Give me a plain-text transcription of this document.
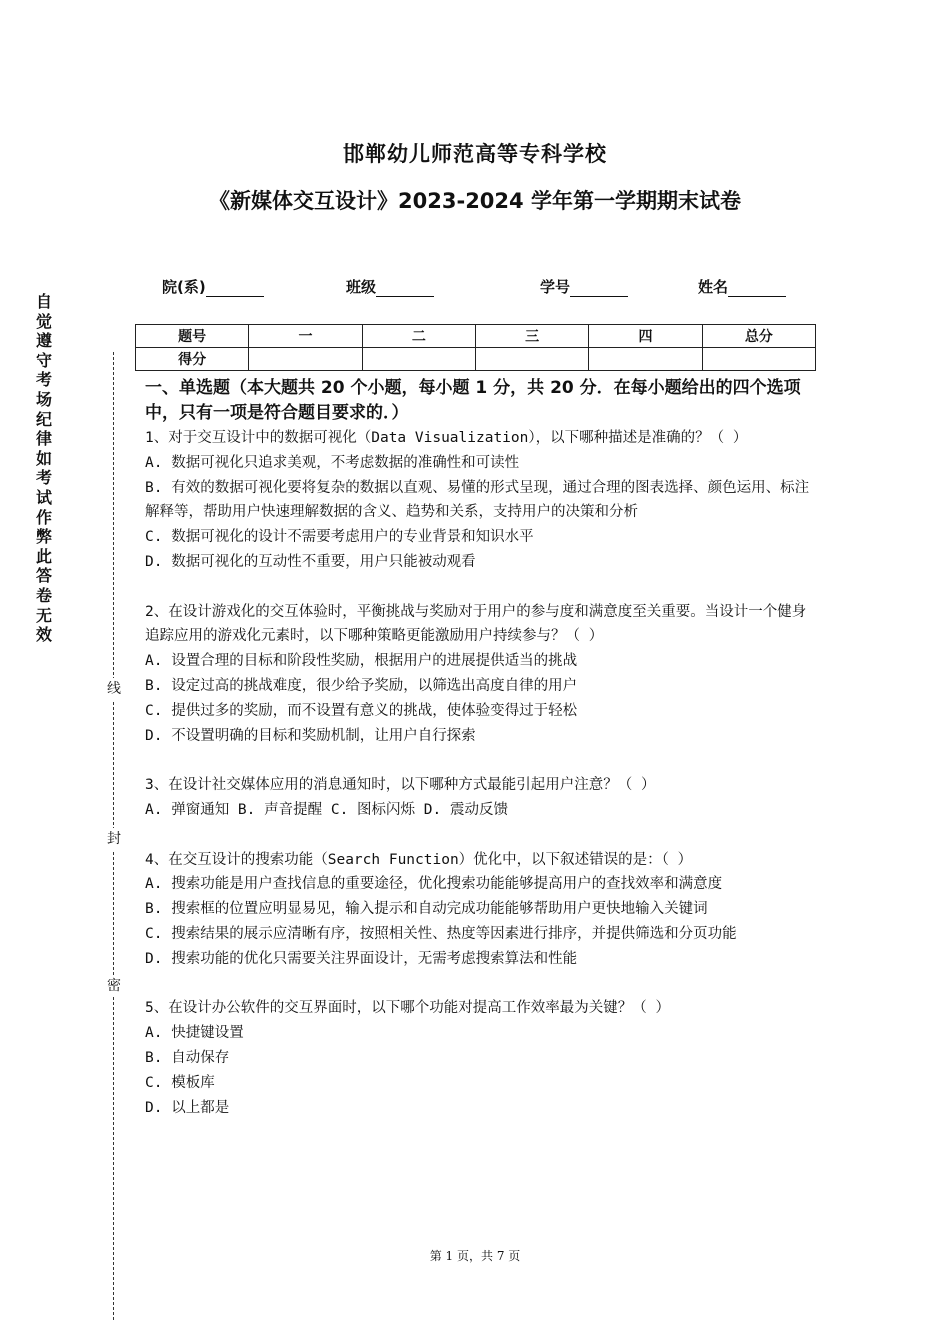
邯郸幼儿师范高等专科学校
《新媒体交互设计》2023-2024 学年第一学期期末试卷
院(系)	班级	学号	姓名
自
觉
遵
守
考
场
纪
律
如
考
试
作
弊
此
答
卷
无
效
线
封
密
题号	一	二	三	四	总分
得分					
一、单选题（本大题共 20 个小题，每小题 1 分，共 20 分．在每小题给出的四个选项中，只有一项是符合题目要求的．）

1、对于交互设计中的数据可视化（Data Visualization），以下哪种描述是准确的？（ ）

A. 数据可视化只追求美观，不考虑数据的准确性和可读性

B. 有效的数据可视化要将复杂的数据以直观、易懂的形式呈现，通过合理的图表选择、颜色运用、标注解释等，帮助用户快速理解数据的含义、趋势和关系，支持用户的决策和分析

C. 数据可视化的设计不需要考虑用户的专业背景和知识水平

D. 数据可视化的互动性不重要，用户只能被动观看

2、在设计游戏化的交互体验时，平衡挑战与奖励对于用户的参与度和满意度至关重要。当设计一个健身追踪应用的游戏化元素时，以下哪种策略更能激励用户持续参与？（ ）

A. 设置合理的目标和阶段性奖励，根据用户的进展提供适当的挑战

B. 设定过高的挑战难度，很少给予奖励，以筛选出高度自律的用户

C. 提供过多的奖励，而不设置有意义的挑战，使体验变得过于轻松

D. 不设置明确的目标和奖励机制，让用户自行探索

3、在设计社交媒体应用的消息通知时，以下哪种方式最能引起用户注意？（ ）

A. 弹窗通知 B. 声音提醒 C. 图标闪烁 D. 震动反馈

4、在交互设计的搜索功能（Search Function）优化中，以下叙述错误的是：（ ）

A. 搜索功能是用户查找信息的重要途径，优化搜索功能能够提高用户的查找效率和满意度

B. 搜索框的位置应明显易见，输入提示和自动完成功能能够帮助用户更快地输入关键词

C. 搜索结果的展示应清晰有序，按照相关性、热度等因素进行排序，并提供筛选和分页功能

D. 搜索功能的优化只需要关注界面设计，无需考虑搜索算法和性能

5、在设计办公软件的交互界面时，以下哪个功能对提高工作效率最为关键？（ ）

A. 快捷键设置

B. 自动保存

C. 模板库

D. 以上都是

第 1 页，共 7 页
